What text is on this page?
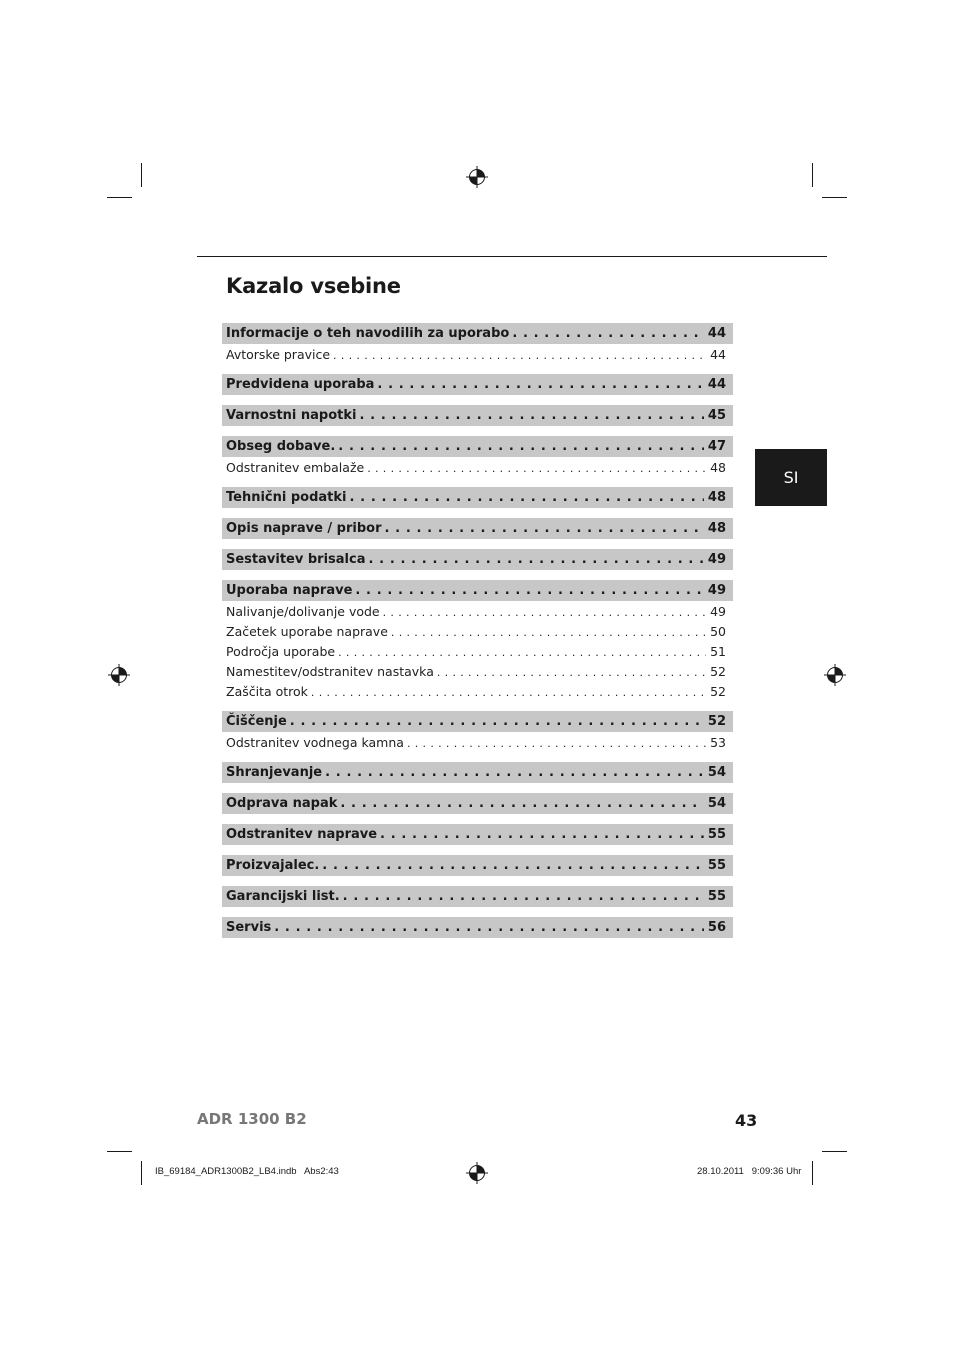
Kazalo vsebine
SI
Informacije o teh navodilih za uporabo . . .	44
Avtorske pravice . . .	44
Predvidena uporaba . . .	44
Varnostni napotki . . .	45
Obseg dobave. . . .	47
Odstranitev embalaže . . .	48
Tehnični podatki . . .	48
Opis naprave / pribor . . .	48
Sestavitev brisalca . . .	49
Uporaba naprave . . .	49
Nalivanje/dolivanje vode . . .	49
Začetek uporabe naprave . . .	50
Področja uporabe . . .	51
Namestitev/odstranitev nastavka . . .	52
Zaščita otrok . . .	52
Čiščenje . . .	52
Odstranitev vodnega kamna . . .	53
Shranjevanje . . .	54
Odprava napak . . .	54
Odstranitev naprave . . .	55
Proizvajalec. . . .	55
Garancijski list. . . .	55
Servis . . .	56
ADR 1300 B2	43
IB_69184_ADR1300B2_LB4.indb   Abs2:43	28.10.2011   9:09:36 Uhr
